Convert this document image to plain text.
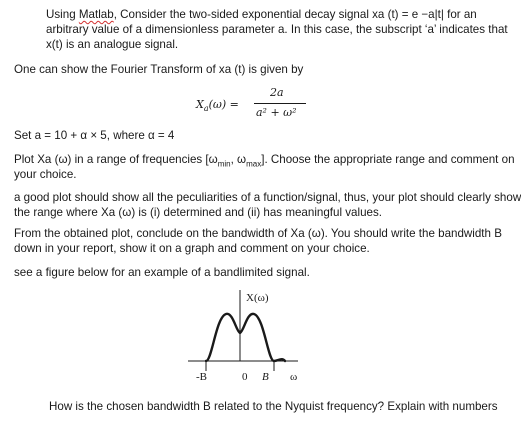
Using Matlab, Consider the two-sided exponential decay signal xa (t) = e −a|t| for an
arbitrary value of a dimensionless parameter a. In this case, the subscript ‘a’ indicates that
x(t) is an analogue signal.
One can show the Fourier Transform of xa (t) is given by
$X_a(\omega)$ =
2a
a² + ω²
Set a = 10 + α × 5, where α = 4
Plot Xa (ω) in a range of frequencies [$\omega_{min}$, $\omega_{max}$]. Choose the appropriate range and comment on
your choice.
a good plot should show all the peculiarities of a function/signal, thus, your plot should clearly show
the range where Xa (ω) is (i) determined and (ii) has meaningful values.
From the obtained plot, conclude on the bandwidth of Xa (ω). You should write the bandwidth B
down in your report, show it on a graph and comment on your choice.
see a figure below for an example of a bandlimited signal.
X(ω)
-B	0 B ω
How is the chosen bandwidth B related to the Nyquist frequency? Explain with numbers
